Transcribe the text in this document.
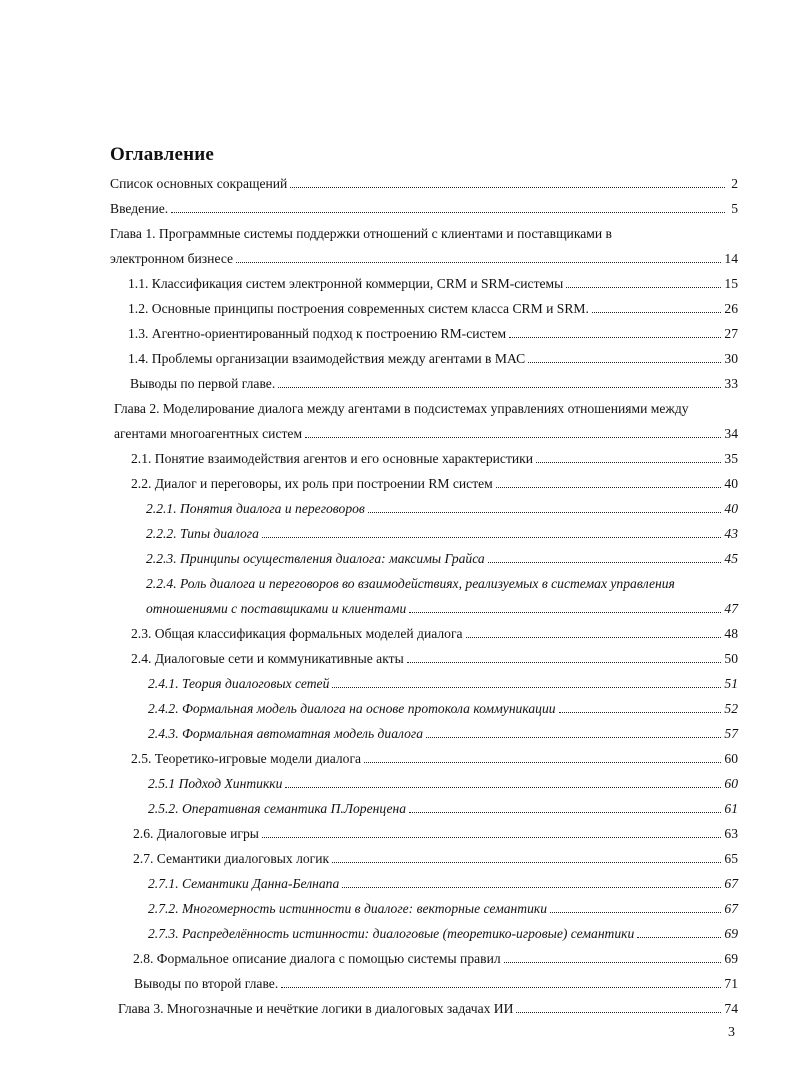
Оглавление
Список основных сокращений	2
Введение.	5
Глава 1. Программные системы поддержки отношений с клиентами и поставщиками в
электронном бизнесе	14
1.1. Классификация систем электронной коммерции, CRM и SRM-системы	15
1.2. Основные принципы построения современных систем класса CRM и SRM.	26
1.3. Агентно-ориентированный подход к построению RM-систем	27
1.4. Проблемы организации взаимодействия между агентами в МАС	30
Выводы по первой главе.	33
Глава 2. Моделирование диалога между агентами в подсистемах управлениях отношениями между
агентами многоагентных систем	34
2.1. Понятие взаимодействия агентов и его основные характеристики	35
2.2. Диалог и переговоры, их роль при построении RM систем	40
2.2.1. Понятия диалога и переговоров	40
2.2.2. Типы диалога	43
2.2.3. Принципы осуществления диалога: максимы Грайса	45
2.2.4. Роль диалога и переговоров во взаимодействиях, реализуемых в системах управления
отношениями с поставщиками и клиентами	47
2.3. Общая классификация формальных моделей диалога	48
2.4. Диалоговые сети и коммуникативные акты	50
2.4.1. Теория диалоговых сетей	51
2.4.2. Формальная модель диалога на основе протокола коммуникации	52
2.4.3. Формальная автоматная модель диалога	57
2.5. Теоретико-игровые модели диалога	60
2.5.1 Подход Хинтикки	60
2.5.2. Оперативная семантика П.Лоренцена	61
2.6. Диалоговые игры	63
2.7. Семантики диалоговых логик	65
2.7.1. Семантики Данна-Белнапа	67
2.7.2. Многомерность истинности в диалоге: векторные семантики	67
2.7.3. Распределённость истинности: диалоговые (теоретико-игровые) семантики	69
2.8. Формальное описание диалога с помощью системы правил	69
Выводы по второй главе.	71
Глава 3. Многозначные и нечёткие логики в диалоговых задачах ИИ	74
3
